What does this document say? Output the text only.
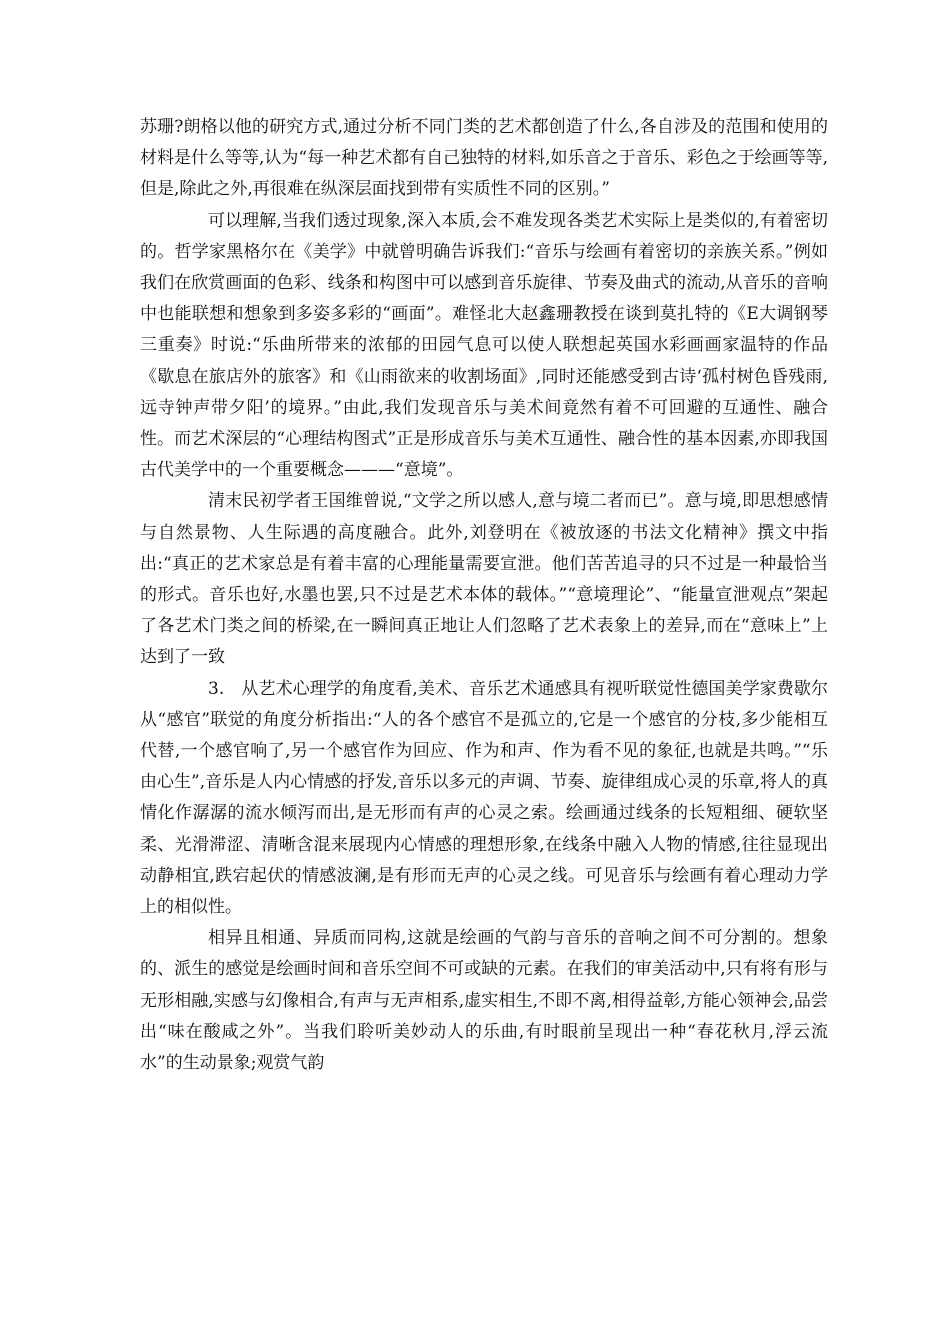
苏珊?朗格以他的研究方式,通过分析不同门类的艺术都创造了什么,各自涉及的范围和使用的材料是什么等等,认为“每一种艺术都有自己独特的材料,如乐音之于音乐、彩色之于绘画等等,但是,除此之外,再很难在纵深层面找到带有实质性不同的区别。”

可以理解,当我们透过现象,深入本质,会不难发现各类艺术实际上是类似的,有着密切的。哲学家黑格尔在《美学》中就曾明确告诉我们:“音乐与绘画有着密切的亲族关系。”例如我们在欣赏画面的色彩、线条和构图中可以感到音乐旋律、节奏及曲式的流动,从音乐的音响中也能联想和想象到多姿多彩的“画面”。难怪北大赵鑫珊教授在谈到莫扎特的《E大调钢琴三重奏》时说:“乐曲所带来的浓郁的田园气息可以使人联想起英国水彩画画家温特的作品《歇息在旅店外的旅客》和《山雨欲来的收割场面》,同时还能感受到古诗‘孤村树色昏残雨,远寺钟声带夕阳’的境界。”由此,我们发现音乐与美术间竟然有着不可回避的互通性、融合性。而艺术深层的“心理结构图式”正是形成音乐与美术互通性、融合性的基本因素,亦即我国古代美学中的一个重要概念———“意境”。

清末民初学者王国维曾说,“文学之所以感人,意与境二者而已”。意与境,即思想感情与自然景物、人生际遇的高度融合。此外,刘登明在《被放逐的书法文化精神》撰文中指出:“真正的艺术家总是有着丰富的心理能量需要宣泄。他们苦苦追寻的只不过是一种最恰当的形式。音乐也好,水墨也罢,只不过是艺术本体的载体。”“意境理论”、“能量宣泄观点”架起了各艺术门类之间的桥梁,在一瞬间真正地让人们忽略了艺术表象上的差异,而在“意味上”上达到了一致

3.　从艺术心理学的角度看,美术、音乐艺术通感具有视听联觉性德国美学家费歇尔从“感官”联觉的角度分析指出:“人的各个感官不是孤立的,它是一个感官的分枝,多少能相互代替,一个感官响了,另一个感官作为回应、作为和声、作为看不见的象征,也就是共鸣。”“乐由心生”,音乐是人内心情感的抒发,音乐以多元的声调、节奏、旋律组成心灵的乐章,将人的真情化作潺潺的流水倾泻而出,是无形而有声的心灵之索。绘画通过线条的长短粗细、硬软坚柔、光滑滞涩、清晰含混来展现内心情感的理想形象,在线条中融入人物的情感,往往显现出动静相宜,跌宕起伏的情感波澜,是有形而无声的心灵之线。可见音乐与绘画有着心理动力学上的相似性。

相异且相通、异质而同构,这就是绘画的气韵与音乐的音响之间不可分割的。想象的、派生的感觉是绘画时间和音乐空间不可或缺的元素。在我们的审美活动中,只有将有形与无形相融,实感与幻像相合,有声与无声相系,虚实相生,不即不离,相得益彰,方能心领神会,品尝出“味在酸咸之外”。当我们聆听美妙动人的乐曲,有时眼前呈现出一种“春花秋月,浮云流水”的生动景象;观赏气韵
